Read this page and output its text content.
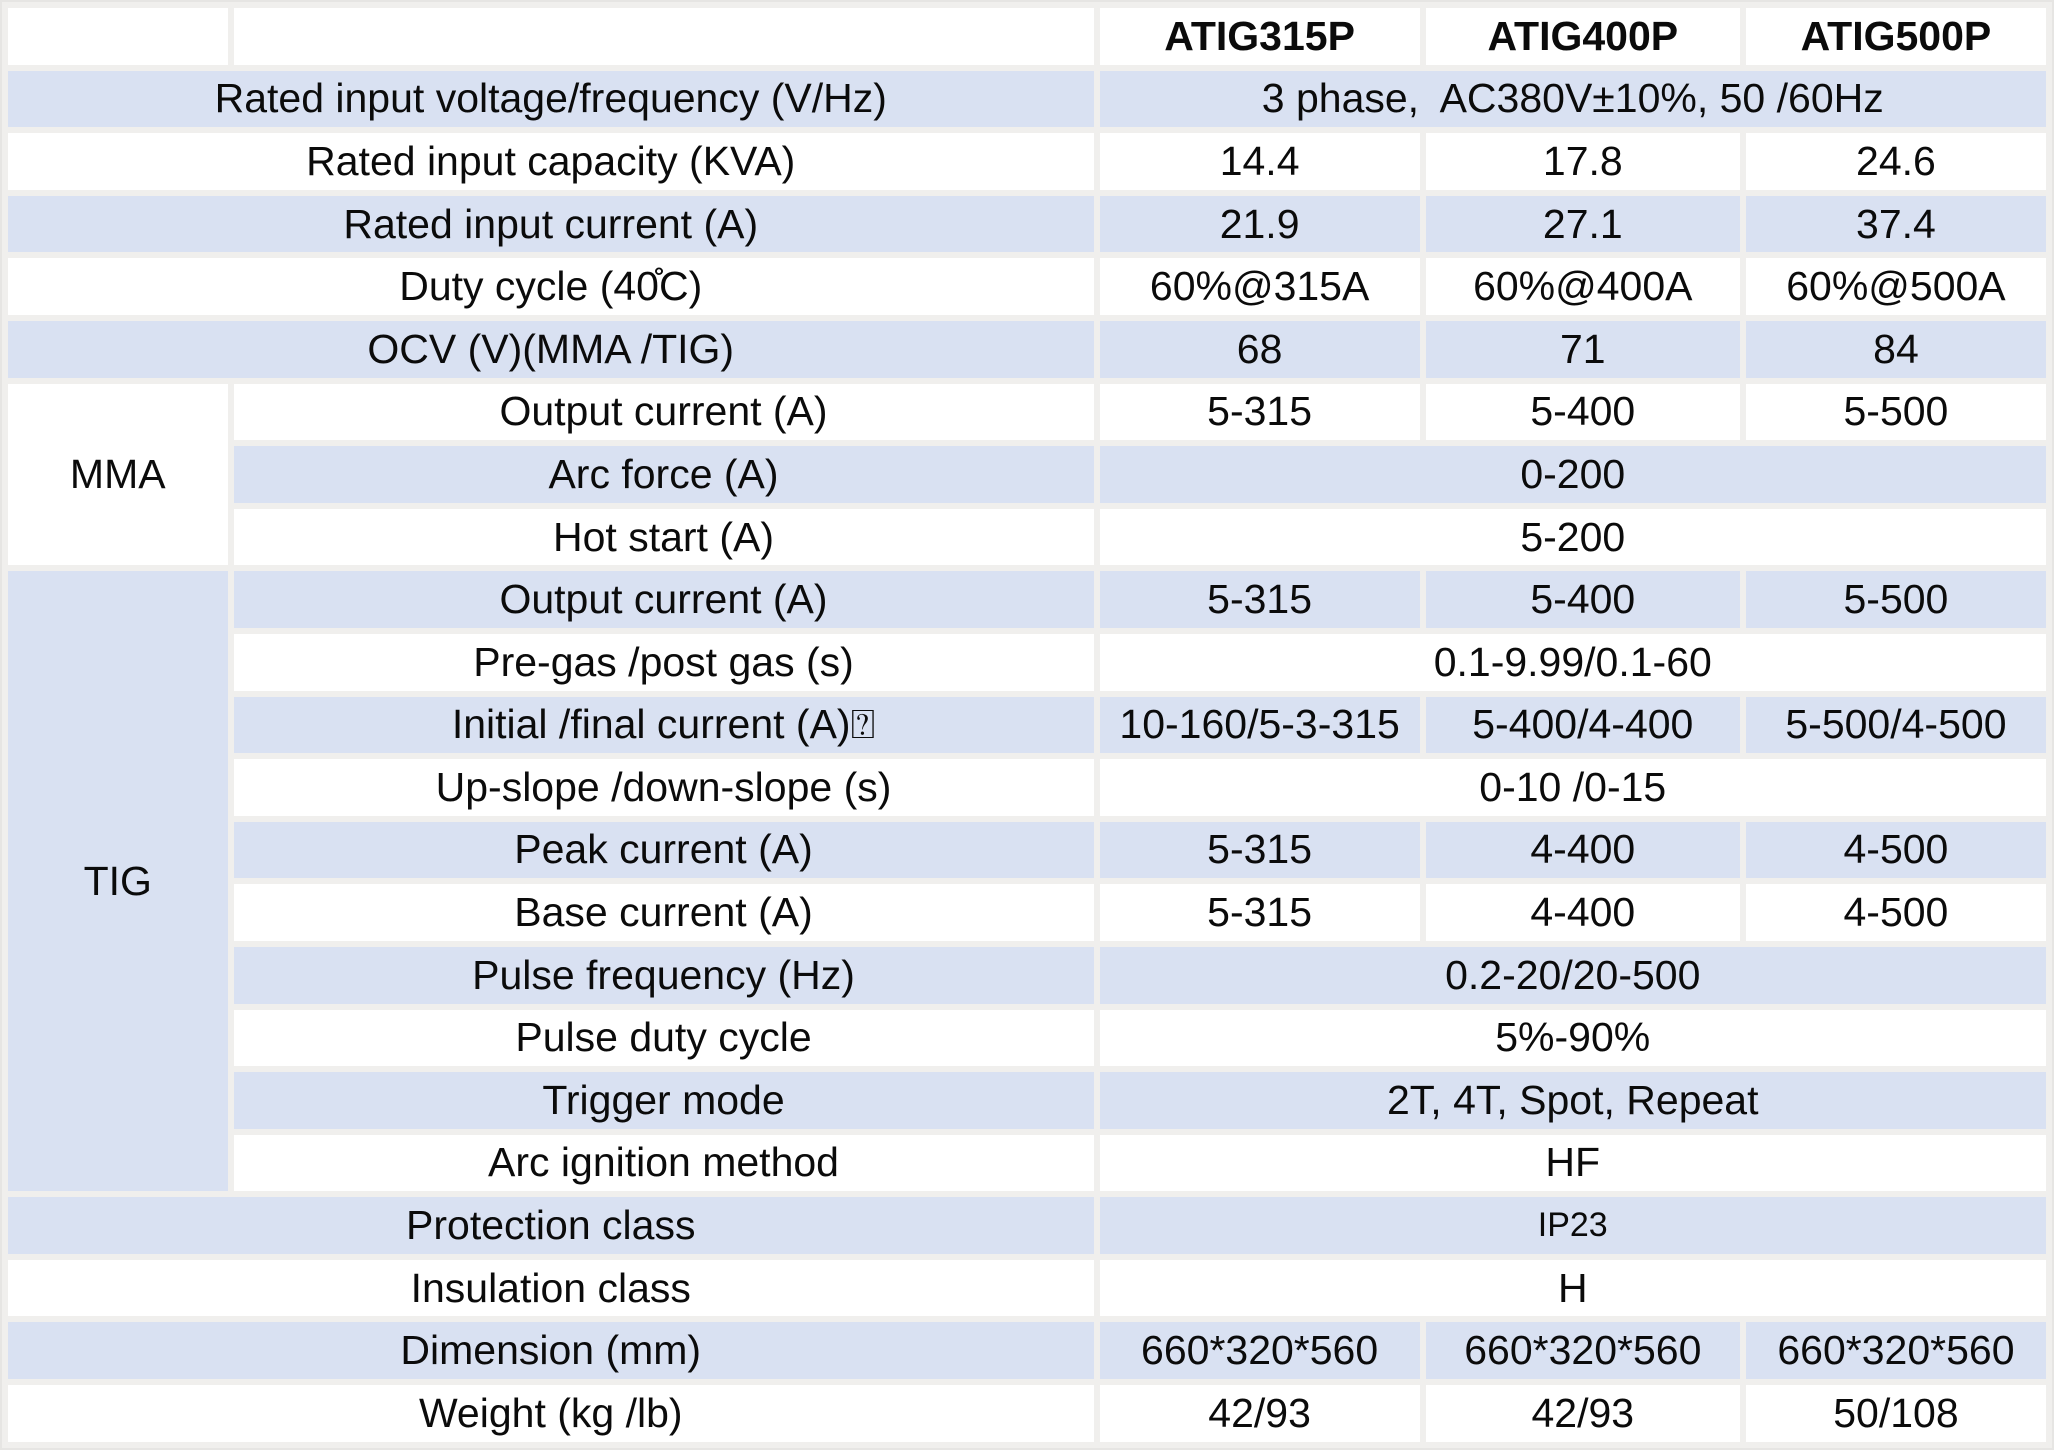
		ATIG315P	ATIG400P	ATIG500P
Rated input voltage/frequency (V/Hz)		3 phase,  AC380V±10%, 50 /60Hz		
Rated input capacity (KVA)		14.4	17.8	24.6
Rated input current (A)		21.9	27.1	37.4
Duty cycle (40̊C)		60%@315A	60%@400A	60%@500A
OCV (V)(MMA /TIG)		68	71	84
MMA	Output current (A)	5-315	5-400	5-500
	Arc force (A)	0-200		
	Hot start (A)	5-200		
TIG	Output current (A)	5-315	5-400	5-500
	Pre-gas /post gas (s)	0.1-9.99/0.1-60		
	Initial /final current (A)⍰	10-160/5-3-315	5-400/4-400	5-500/4-500
	Up-slope /down-slope (s)	0-10 /0-15		
	Peak current (A)	5-315	4-400	4-500
	Base current (A)	5-315	4-400	4-500
	Pulse frequency (Hz)	0.2-20/20-500		
	Pulse duty cycle	5%-90%		
	Trigger mode	2T, 4T, Spot, Repeat		
	Arc ignition method	HF		
Protection class		IP23		
Insulation class		H		
Dimension (mm)		660*320*560	660*320*560	660*320*560
Weight (kg /lb)		42/93	42/93	50/108
